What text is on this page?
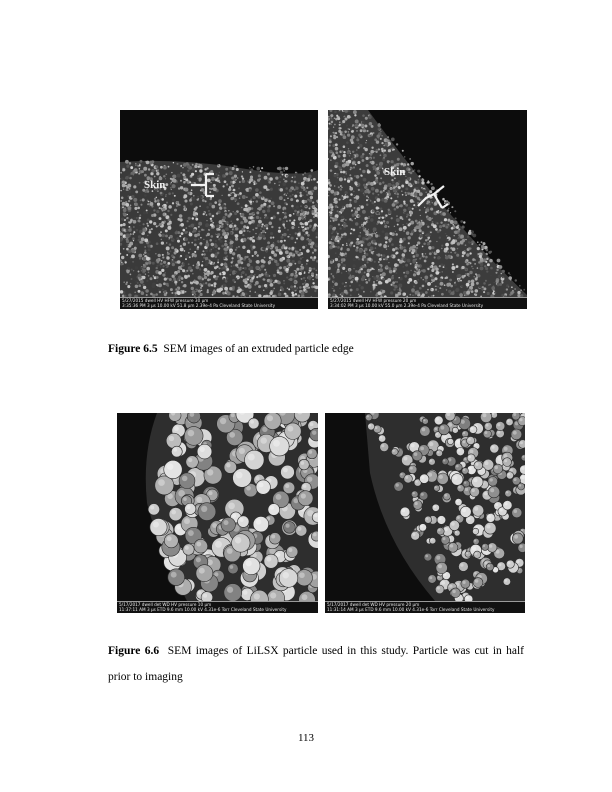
Skin
5/27/2015 dwell HV HFW pressure 30 µm
3:35:36 PM 3 µs 10.00 kV 51.8 µm 2.39e-4 Pa Cleveland State University
Skin
5/27/2015 dwell HV HFW pressure 20 µm
3:34:02 PM 3 µs 10.00 kV 55.0 µm 2.39e-4 Pa Cleveland State University

Figure 6.5 SEM images of an extruded particle edge

5/17/2017 dwell det WD HV pressure 10 µm
11:37:11 AM 3 µs ETD 9.6 mm 10.00 kV 4.31e-6 Torr Cleveland State University
5/17/2017 dwell det WD HV pressure 20 µm
11:31:14 AM 3 µs ETD 9.6 mm 10.00 kV 4.31e-6 Torr Cleveland State University

Figure 6.6 SEM images of LiLSX particle used in this study. Particle was cut in half

prior to imaging

113
